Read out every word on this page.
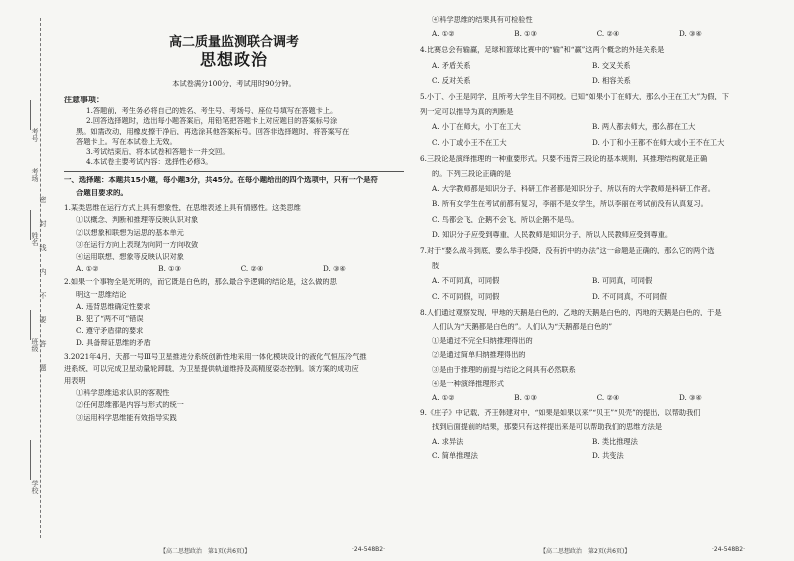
考号
考场
姓名
班级
学校
密
封
线
内
不
要
答
题
高二质量监测联合调考
思想政治

本试卷满分100分，考试用时90分钟。

注意事项：

1.答题前，考生务必将自己的姓名、考生号、考场号、座位号填写在答题卡上。

2.回答选择题时，选出每小题答案后，用铅笔把答题卡上对应题目的答案标号涂

黑。如需改动，用橡皮擦干净后，再选涂其他答案标号。回答非选择题时，将答案写在

答题卡上。写在本试卷上无效。

3.考试结束后，将本试卷和答题卡一并交回。

4.本试卷主要考试内容：选择性必修3。

一、选择题：本题共15小题，每小题3分，共45分。在每小题给出的四个选项中，只有一个是符

合题目要求的。

1.某类思维在运行方式上具有想象性，在思维表述上具有情感性。这类思维

①以概念、判断和推理等反映认识对象

②以想象和联想为运思的基本单元

③在运行方向上表现为向同一方向收敛

④运用联想、想象等反映认识对象

A. ①②	B. ①③	C. ②④	D. ③④

2.如果一个事物全是光明的，而它既是白色的，那么最合乎逻辑的结论是，这么做的思

明这一思维结论

A. 违背思维确定性要求

B. 犯了“两不可”错误

C. 遵守矛盾律的要求

D. 具备辩证思维的矛盾

3.2021年4月，天都一号Ⅲ号卫星推进分系统创新性地采用一体化模块设计的液化气恒压冷气推

进系统，可以完成卫星动量轮卸载，为卫星提供轨道维持及高精度姿态控制。该方案的成功应

用表明

①科学思维追求认识的客观性

②任何思维都是内容与形式的统一

③运用科学思维能有效指导实践

【高二思想政治　第1页(共6页)】	·24-548B2·

④科学思维的结果具有可检验性

A. ①②	B. ①③	C. ②④	D. ③④

4.比赛总会有输赢，足球和篮球比赛中的“输”和“赢”这两个概念的外延关系是

A. 矛盾关系	B. 交叉关系
C. 反对关系	D. 相容关系

5.小丁、小王是同学，且所考大学生目不同校。已知“如果小丁在师大，那么小王在工大”为假，下

列一定可以推导为真的判断是

A. 小丁在师大，小丁在工大	B. 两人都去师大，那么都在工大
C. 小丁或小王不在工大	D. 小丁和小王都不在师大或小王不在工大

6.三段论是演绎推理的一种重要形式。只要不违背三段论的基本规则，其推理结构就是正确

的。下列三段论正确的是

A. 大学教师都是知识分子，科研工作者都是知识分子，所以有的大学教师是科研工作者。

B. 所有女学生在考试前都有复习，李丽不是女学生，所以李丽在考试前没有认真复习。

C. 鸟都会飞，企鹅不会飞，所以企鹅不是鸟。

D. 知识分子应受到尊重，人民教师是知识分子，所以人民教师应受到尊重。

7.对于“要么战斗到底，要么举手投降，没有折中的办法”这一命题是正确的，那么它的两个选

肢

A. 不可同真，可同假	B. 可同真，可同假
C. 不可同假，可同假	D. 不可同真，不可同假

8.人们通过观察发现，甲地的天鹅是白色的，乙地的天鹅是白色的，丙地的天鹅是白色的，于是

人们认为“天鹅都是白色的”。人们认为“天鹅都是白色的”

①是通过不完全归纳推理得出的

②是通过简单归纳推理得出的

③是由于推理的前提与结论之间具有必然联系

④是一种演绎推理形式

A. ①②	B. ①③	C. ②④	D. ③④

9.《庄子》中记载，齐王韩建对中，“如果是如果以来”“贝王”“贝壳”的提出，以帮助我们

找到后面提前的结果，那要只有这样提出来是可以帮助我们的思维方法是

A. 求异法	B. 类比推理法
C. 简单推理法	D. 共变法
【高二思想政治　第2页(共6页)】	·24-548B2·
